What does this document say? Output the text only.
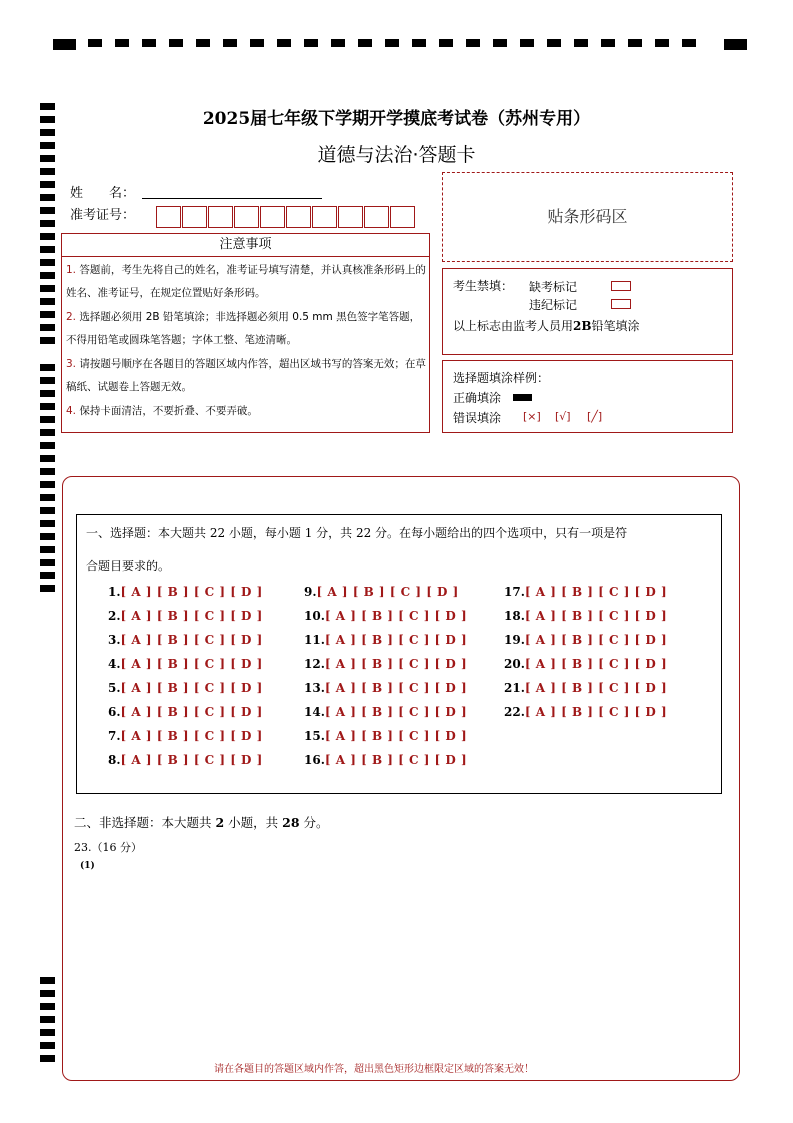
2025届七年级下学期开学摸底考试卷（苏州专用）
道德与法治·答题卡
姓　　名：
准考证号：
注意事项
1. 答题前，考生先将自己的姓名，准考证号填写清楚，并认真核准条形码上的姓名、准考证号，在规定位置贴好条形码。
2. 选择题必须用 2B 铅笔填涂；非选择题必须用 0.5 mm 黑色签字笔答题，不得用铅笔或圆珠笔答题；字体工整、笔迹清晰。
3. 请按题号顺序在各题目的答题区域内作答，超出区域书写的答案无效；在草稿纸、试题卷上答题无效。
4. 保持卡面清洁，不要折叠、不要弄破。
贴条形码区
考生禁填： 缺考标记
违纪标记
以上标志由监考人员用2B铅笔填涂
选择题填涂样例：
正确填涂
错误填涂 [×] [√] [╱]
一、选择题：本大题共 22 小题，每小题 1 分，共 22 分。在每小题给出的四个选项中，只有一项是符
合题目要求的。
1.[ A ] [ B ] [ C ] [ D ]
2.[ A ] [ B ] [ C ] [ D ]
3.[ A ] [ B ] [ C ] [ D ]
4.[ A ] [ B ] [ C ] [ D ]
5.[ A ] [ B ] [ C ] [ D ]
6.[ A ] [ B ] [ C ] [ D ]
7.[ A ] [ B ] [ C ] [ D ]
8.[ A ] [ B ] [ C ] [ D ]
9.[ A ] [ B ] [ C ] [ D ]
10.[ A ] [ B ] [ C ] [ D ]
11.[ A ] [ B ] [ C ] [ D ]
12.[ A ] [ B ] [ C ] [ D ]
13.[ A ] [ B ] [ C ] [ D ]
14.[ A ] [ B ] [ C ] [ D ]
15.[ A ] [ B ] [ C ] [ D ]
16.[ A ] [ B ] [ C ] [ D ]
17.[ A ] [ B ] [ C ] [ D ]
18.[ A ] [ B ] [ C ] [ D ]
19.[ A ] [ B ] [ C ] [ D ]
20.[ A ] [ B ] [ C ] [ D ]
21.[ A ] [ B ] [ C ] [ D ]
22.[ A ] [ B ] [ C ] [ D ]
二、非选择题：本大题共 2 小题，共 28 分。
23.（16 分）
(1)
请在各题目的答题区域内作答，超出黑色矩形边框限定区域的答案无效！
